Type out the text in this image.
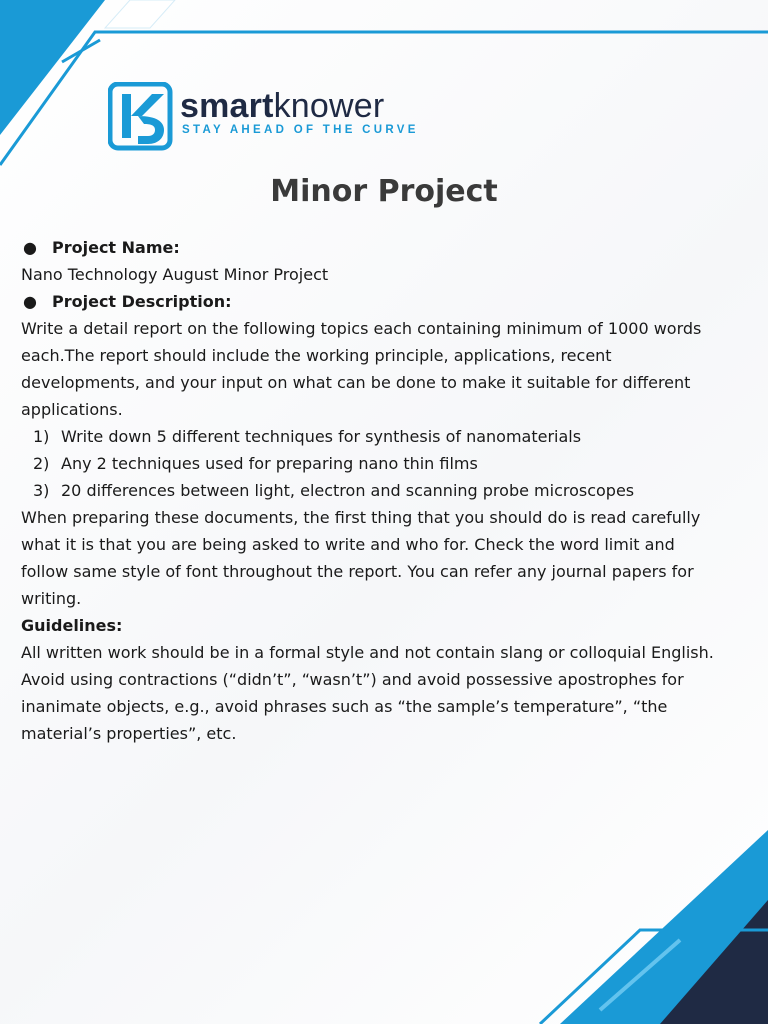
smartknower
STAY AHEAD OF THE CURVE
Minor Project
● Project Name:

Nano Technology August Minor Project

● Project Description:

Write a detail report on the following topics each containing minimum of 1000 words

each.The report should include the working principle, applications, recent

developments, and your input on what can be done to make it suitable for different

applications.

1) Write down 5 different techniques for synthesis of nanomaterials
2) Any 2 techniques used for preparing nano thin films
3) 20 differences between light, electron and scanning probe microscopes

When preparing these documents, the first thing that you should do is read carefully

what it is that you are being asked to write and who for. Check the word limit and

follow same style of font throughout the report. You can refer any journal papers for

writing.

Guidelines:

All written work should be in a formal style and not contain slang or colloquial English.

Avoid using contractions (“didn’t”, “wasn’t”) and avoid possessive apostrophes for

inanimate objects, e.g., avoid phrases such as “the sample’s temperature”, “the

material’s properties”, etc.
